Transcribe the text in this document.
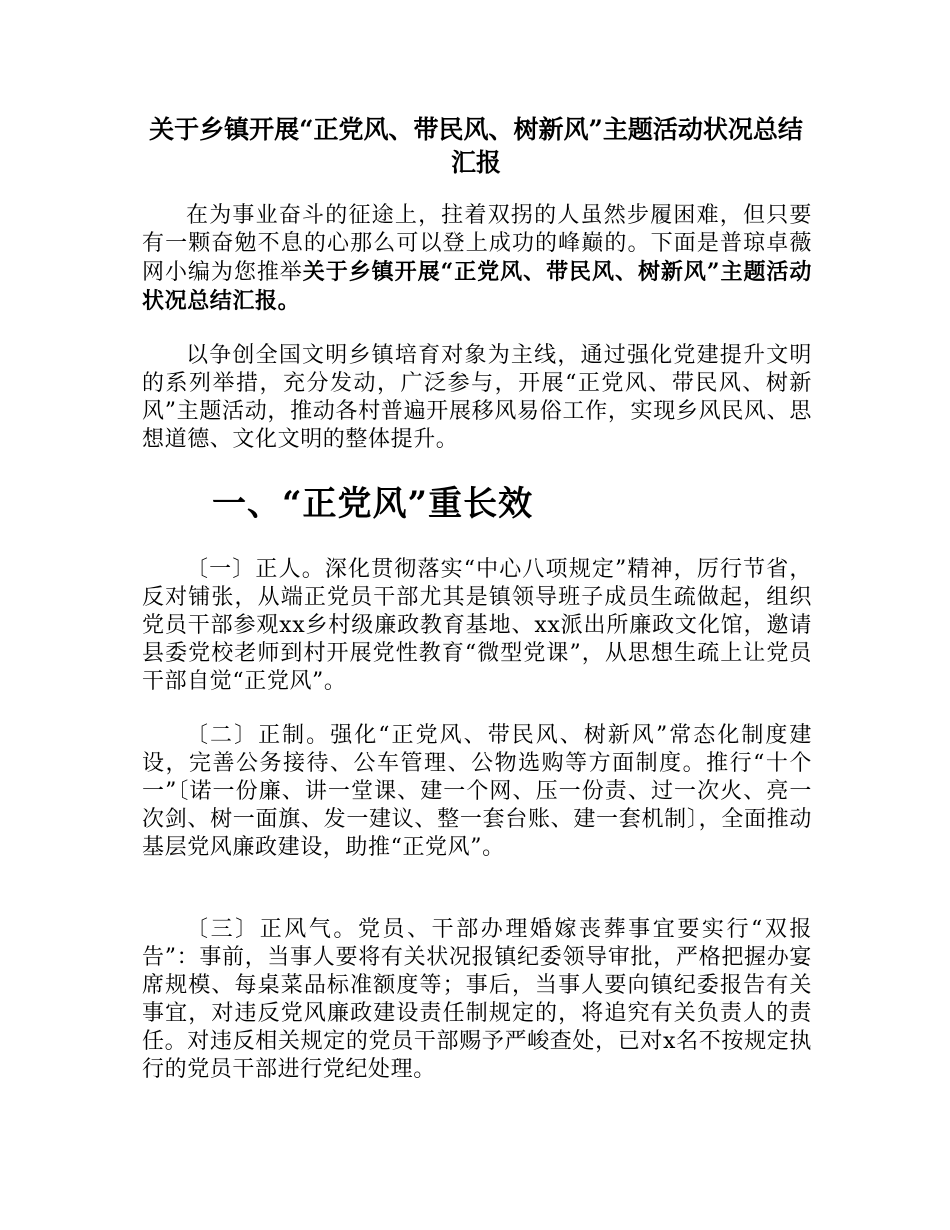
关于乡镇开展“正党风、带民风、树新风”主题活动状况总结汇报

在为事业奋斗的征途上，拄着双拐的人虽然步履困难，但只要有一颗奋勉不息的心那么可以登上成功的峰巅的。下面是普琼卓薇网小编为您推举关于乡镇开展“正党风、带民风、树新风”主题活动状况总结汇报。

以争创全国文明乡镇培育对象为主线，通过强化党建提升文明的系列举措，充分发动，广泛参与，开展“正党风、带民风、树新风”主题活动，推动各村普遍开展移风易俗工作，实现乡风民风、思想道德、文化文明的整体提升。

一、“正党风”重长效

〔一〕正人。深化贯彻落实“中心八项规定”精神，厉行节省，反对铺张，从端正党员干部尤其是镇领导班子成员生疏做起，组织党员干部参观xx乡村级廉政教育基地、xx派出所廉政文化馆，邀请县委党校老师到村开展党性教育“微型党课”，从思想生疏上让党员干部自觉“正党风”。

〔二〕正制。强化“正党风、带民风、树新风”常态化制度建设，完善公务接待、公车管理、公物选购等方面制度。推行“十个一”〔诺一份廉、讲一堂课、建一个网、压一份责、过一次火、亮一次剑、树一面旗、发一建议、整一套台账、建一套机制〕，全面推动基层党风廉政建设，助推“正党风”。

〔三〕正风气。党员、干部办理婚嫁丧葬事宜要实行“双报告”：事前，当事人要将有关状况报镇纪委领导审批，严格把握办宴席规模、每桌菜品标准额度等；事后，当事人要向镇纪委报告有关事宜，对违反党风廉政建设责任制规定的，将追究有关负责人的责任。对违反相关规定的党员干部赐予严峻查处，已对x名不按规定执行的党员干部进行党纪处理。
